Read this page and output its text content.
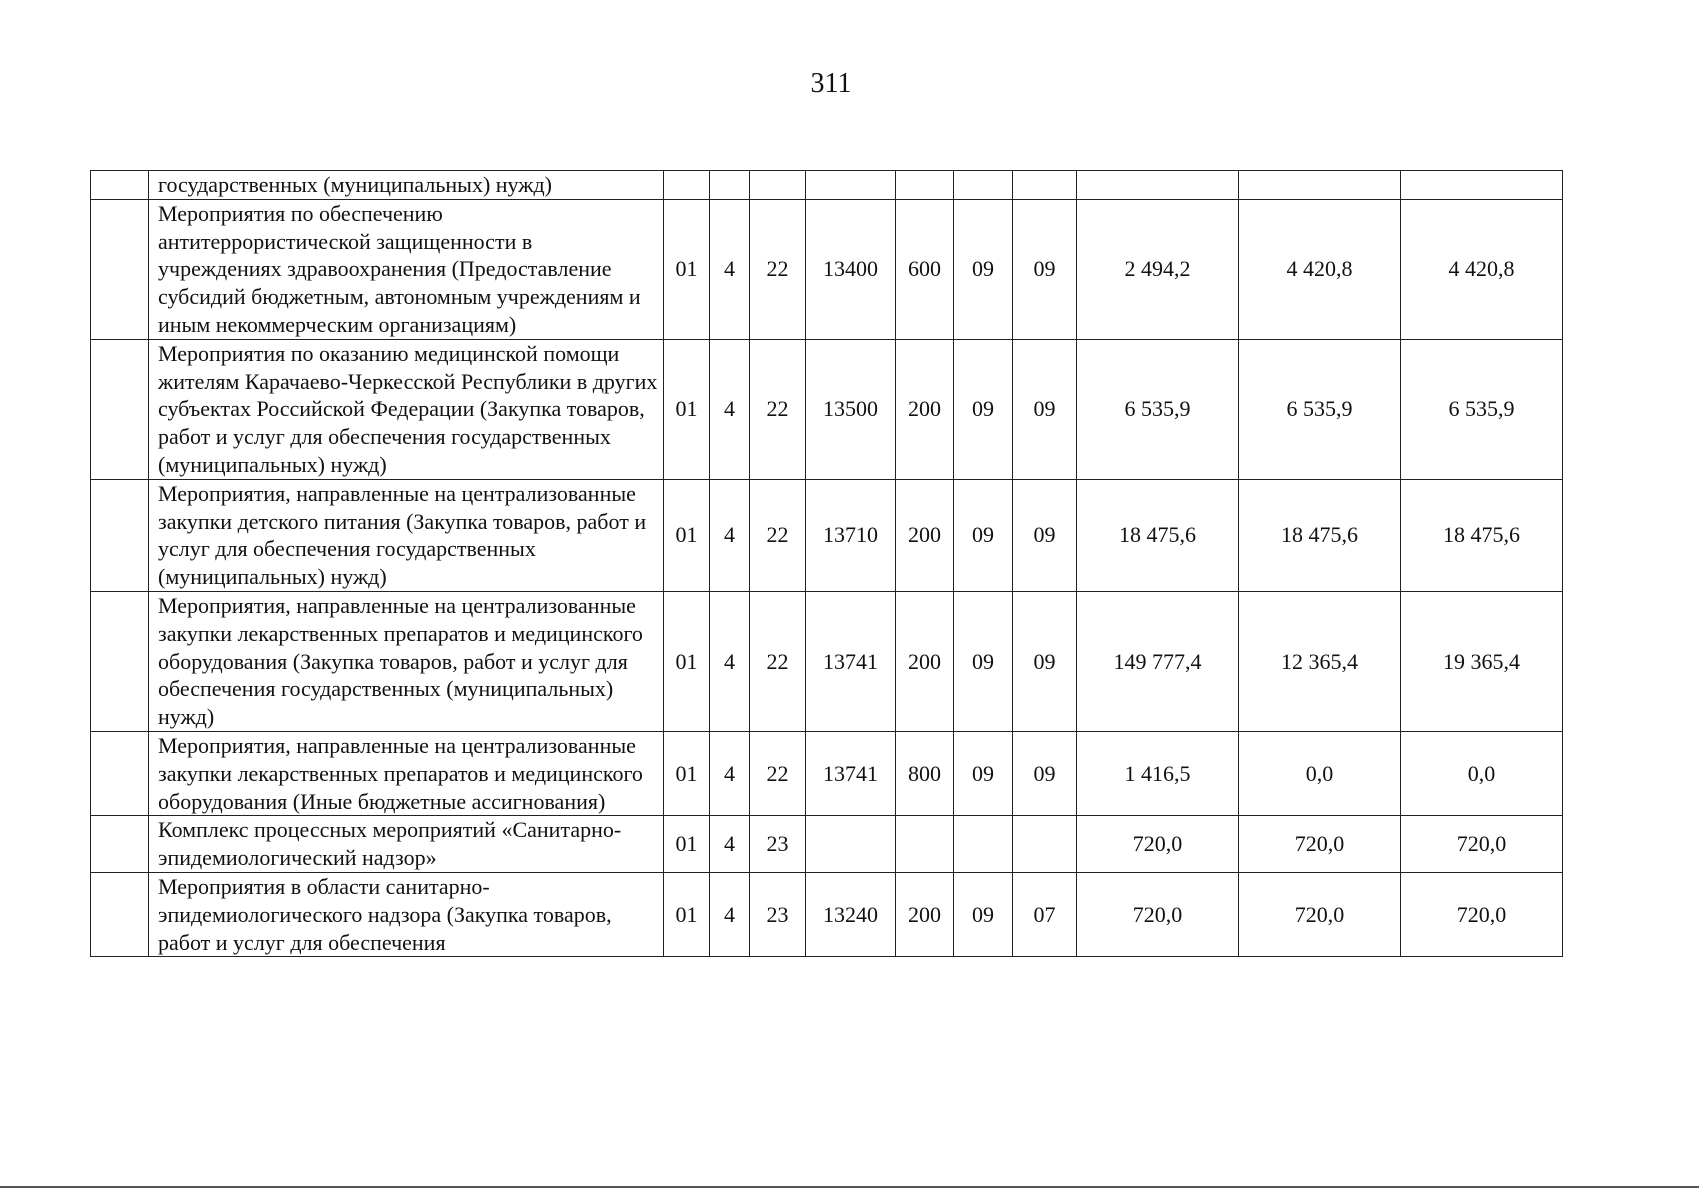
311
	государственных (муниципальных) нужд)										
	Мероприятия по обеспечению антитеррористической защищенности в учреждениях здравоохранения (Предоставление субсидий бюджетным, автономным учреждениям и иным некоммерческим организациям)	01	4	22	13400	600	09	09	2 494,2	4 420,8	4 420,8
	Мероприятия по оказанию медицинской помощи жителям Карачаево-Черкесской Республики в других субъектах Российской Федерации (Закупка товаров, работ и услуг для обеспечения государственных (муниципальных) нужд)	01	4	22	13500	200	09	09	6 535,9	6 535,9	6 535,9
	Мероприятия, направленные на централизованные закупки детского питания (Закупка товаров, работ и услуг для обеспечения государственных (муниципальных) нужд)	01	4	22	13710	200	09	09	18 475,6	18 475,6	18 475,6
	Мероприятия, направленные на централизованные закупки лекарственных препаратов и медицинского оборудования (Закупка товаров, работ и услуг для обеспечения государственных (муниципальных) нужд)	01	4	22	13741	200	09	09	149 777,4	12 365,4	19 365,4
	Мероприятия, направленные на централизованные закупки лекарственных препаратов и медицинского оборудования (Иные бюджетные ассигнования)	01	4	22	13741	800	09	09	1 416,5	0,0	0,0
	Комплекс процессных мероприятий «Санитарно-эпидемиологический надзор»	01	4	23					720,0	720,0	720,0
	Мероприятия в области санитарно-эпидемиологического надзора (Закупка товаров, работ и услуг для обеспечения	01	4	23	13240	200	09	07	720,0	720,0	720,0
